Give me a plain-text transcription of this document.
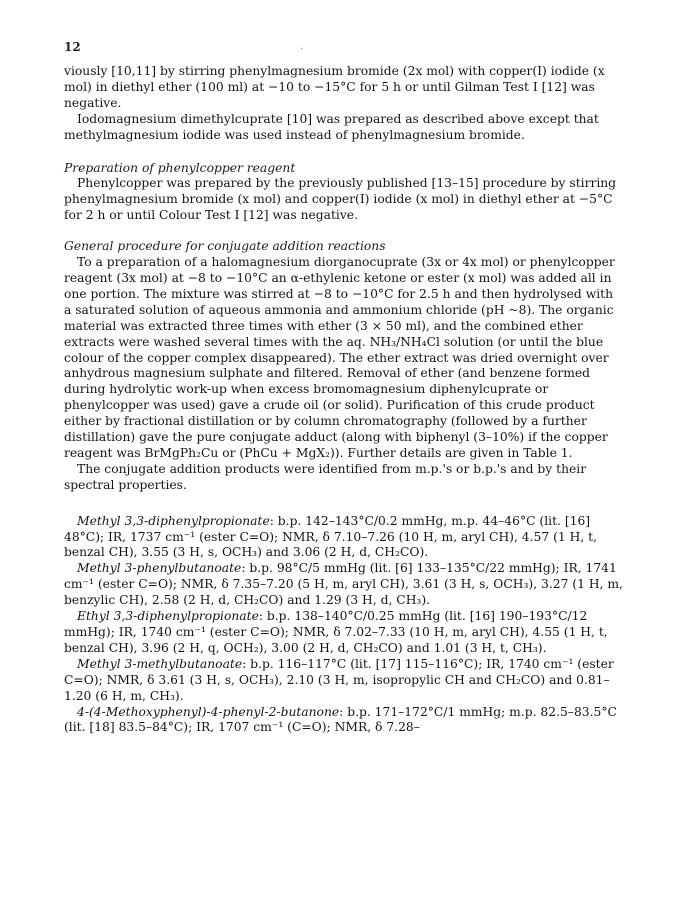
12	·

viously [10,11] by stirring phenylmagnesium bromide (2x mol) with copper(I) iodide (x mol) in diethyl ether (100 ml) at −10 to −15°C for 5 h or until Gilman Test I [12] was negative.

Iodomagnesium dimethylcuprate [10] was prepared as described above except that methylmagnesium iodide was used instead of phenylmagnesium bromide.

Preparation of phenylcopper reagent

Phenylcopper was prepared by the previously published [13–15] procedure by stirring phenylmagnesium bromide (x mol) and copper(I) iodide (x mol) in diethyl ether at −5°C for 2 h or until Colour Test I [12] was negative.

General procedure for conjugate addition reactions

To a preparation of a halomagnesium diorganocuprate (3x or 4x mol) or phenylcopper reagent (3x mol) at −8 to −10°C an α-ethylenic ketone or ester (x mol) was added all in one portion. The mixture was stirred at −8 to −10°C for 2.5 h and then hydrolysed with a saturated solution of aqueous ammonia and ammonium chloride (pH ~8). The organic material was extracted three times with ether (3 × 50 ml), and the combined ether extracts were washed several times with the aq. NH₃/NH₄Cl solution (or until the blue colour of the copper complex disappeared). The ether extract was dried overnight over anhydrous magnesium sulphate and filtered. Removal of ether (and benzene formed during hydrolytic work-up when excess bromomagnesium diphenylcuprate or phenylcopper was used) gave a crude oil (or solid). Purification of this crude product either by fractional distillation or by column chromatography (followed by a further distillation) gave the pure conjugate adduct (along with biphenyl (3–10%) if the copper reagent was BrMgPh₂Cu or (PhCu + MgX₂)). Further details are given in Table 1.

The conjugate addition products were identified from m.p.'s or b.p.'s and by their spectral properties.

Methyl 3,3-diphenylpropionate: b.p. 142–143°C/0.2 mmHg, m.p. 44–46°C (lit. [16] 48°C); IR, 1737 cm⁻¹ (ester C=O); NMR, δ 7.10–7.26 (10 H, m, aryl CH), 4.57 (1 H, t, benzal CH), 3.55 (3 H, s, OCH₃) and 3.06 (2 H, d, CH₂CO).

Methyl 3-phenylbutanoate: b.p. 98°C/5 mmHg (lit. [6] 133–135°C/22 mmHg); IR, 1741 cm⁻¹ (ester C=O); NMR, δ 7.35–7.20 (5 H, m, aryl CH), 3.61 (3 H, s, OCH₃), 3.27 (1 H, m, benzylic CH), 2.58 (2 H, d, CH₂CO) and 1.29 (3 H, d, CH₃).

Ethyl 3,3-diphenylpropionate: b.p. 138–140°C/0.25 mmHg (lit. [16] 190–193°C/12 mmHg); IR, 1740 cm⁻¹ (ester C=O); NMR, δ 7.02–7.33 (10 H, m, aryl CH), 4.55 (1 H, t, benzal CH), 3.96 (2 H, q, OCH₂), 3.00 (2 H, d, CH₂CO) and 1.01 (3 H, t, CH₃).

Methyl 3-methylbutanoate: b.p. 116–117°C (lit. [17] 115–116°C); IR, 1740 cm⁻¹ (ester C=O); NMR, δ 3.61 (3 H, s, OCH₃), 2.10 (3 H, m, isopropylic CH and CH₂CO) and 0.81–1.20 (6 H, m, CH₃).

4-(4-Methoxyphenyl)-4-phenyl-2-butanone: b.p. 171–172°C/1 mmHg; m.p. 82.5–83.5°C (lit. [18] 83.5–84°C); IR, 1707 cm⁻¹ (C=O); NMR, δ 7.28–
